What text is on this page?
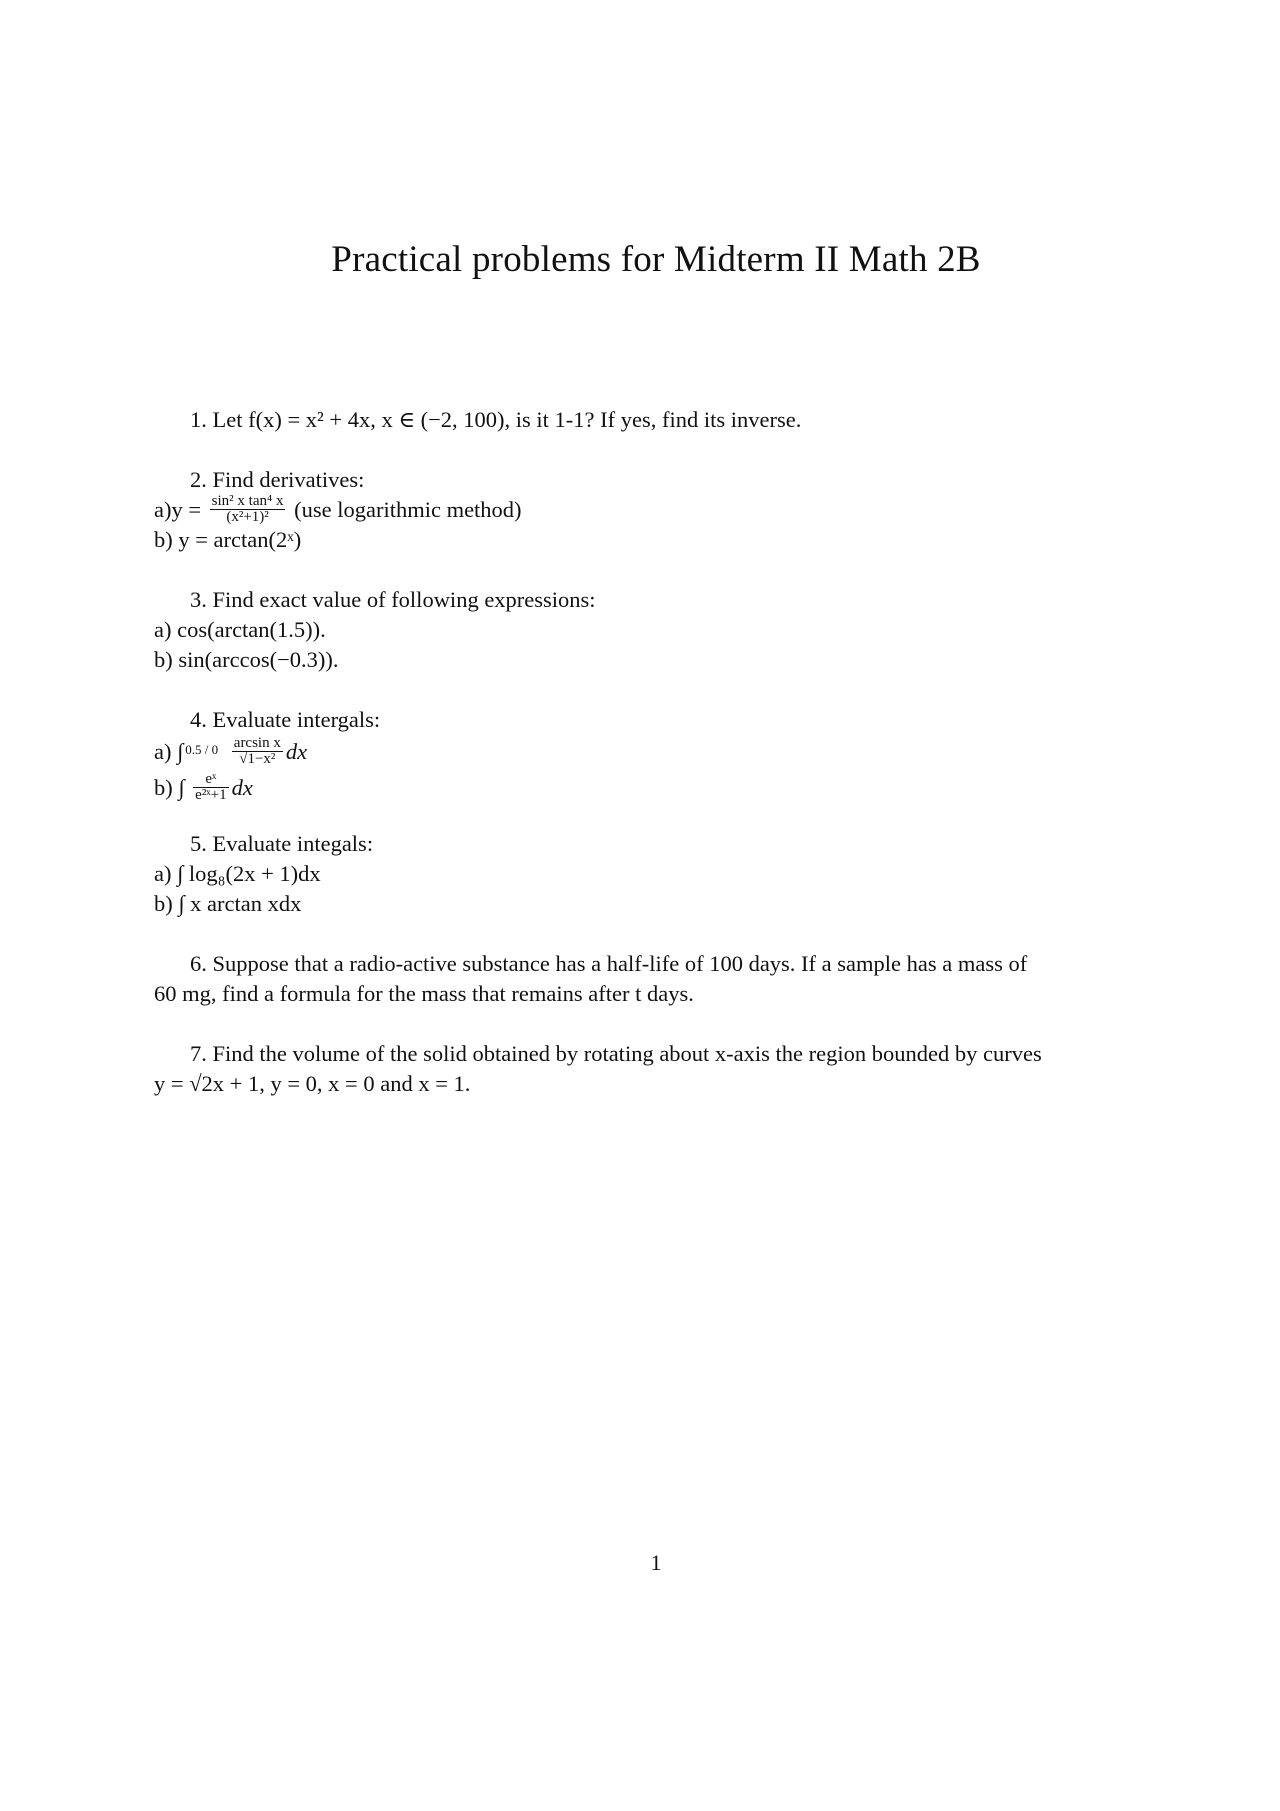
Practical problems for Midterm II Math 2B
1. Let f(x) = x² + 4x, x ∈ (−2, 100), is it 1-1? If yes, find its inverse.
2. Find derivatives:
$a)y = \frac{\text{sin² x tan⁴ x}}{\text{(x²+1)²}} (use$ logarithmic method)
b) y = arctan(2ˣ)
3. Find exact value of following expressions:
a) cos(arctan(1.5)).
b) sin(arccos(−0.3)).
4. Evaluate intergals:
a) ∫ 0.5 / 0
$\frac{\text{arcsin x}}{\text{√1−x²}}$ dx
b) ∫ $\frac{\text{eˣ}}{\text{e²ˣ+1}}$ dx
5. Evaluate integals:
a) ∫ log₈(2x + 1)dx
b) ∫ x arctan xdx
6. Suppose that a radio-active substance has a half-life of 100 days. If a sample has a mass of
60 mg, find a formula for the mass that remains after t days.
7. Find the volume of the solid obtained by rotating about x-axis the region bounded by curves
y = √2x + 1, y = 0, x = 0 and x = 1.
1
